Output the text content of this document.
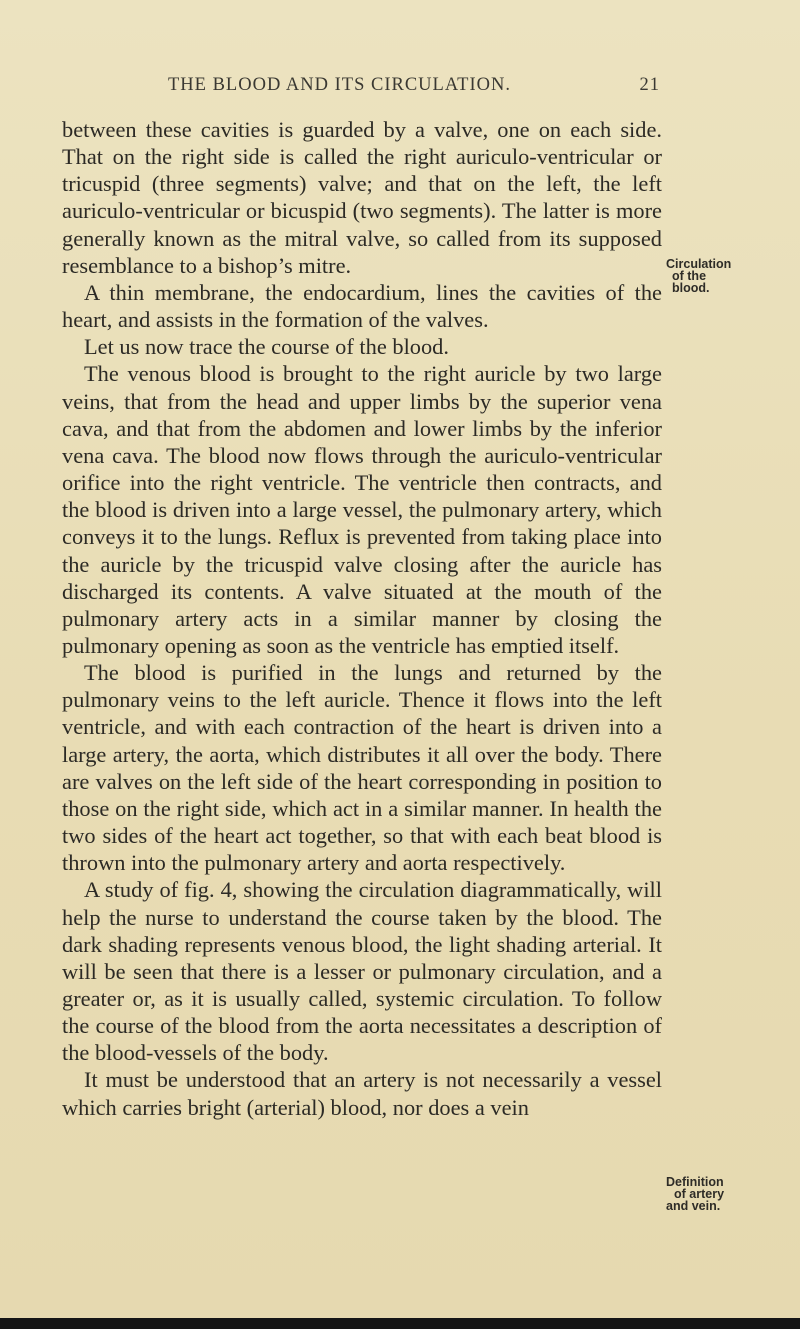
THE BLOOD AND ITS CIRCULATION.	21

between these cavities is guarded by a valve, one on each side. That on the right side is called the right auriculo-ventricular or tricuspid (three segments) valve; and that on the left, the left auriculo-ventricular or bicuspid (two segments). The latter is more generally known as the mitral valve, so called from its supposed resemblance to a bishop’s mitre.

A thin membrane, the endocardium, lines the cavities of the heart, and assists in the formation of the valves.

Let us now trace the course of the blood.

The venous blood is brought to the right auricle by two large veins, that from the head and upper limbs by the superior vena cava, and that from the abdomen and lower limbs by the inferior vena cava. The blood now flows through the auriculo-ventricular orifice into the right ventricle. The ventricle then contracts, and the blood is driven into a large vessel, the pulmonary artery, which conveys it to the lungs. Reflux is prevented from taking place into the auricle by the tricuspid valve closing after the auricle has discharged its contents. A valve situated at the mouth of the pulmonary artery acts in a similar manner by closing the pulmonary opening as soon as the ventricle has emptied itself.

The blood is purified in the lungs and returned by the pulmonary veins to the left auricle. Thence it flows into the left ventricle, and with each contraction of the heart is driven into a large artery, the aorta, which distributes it all over the body. There are valves on the left side of the heart corresponding in position to those on the right side, which act in a similar manner. In health the two sides of the heart act together, so that with each beat blood is thrown into the pulmonary artery and aorta respectively.

A study of fig. 4, showing the circulation diagrammatically, will help the nurse to understand the course taken by the blood. The dark shading represents venous blood, the light shading arterial. It will be seen that there is a lesser or pulmonary circulation, and a greater or, as it is usually called, systemic circulation. To follow the course of the blood from the aorta necessitates a description of the blood-vessels of the body.

It must be understood that an artery is not necessarily a vessel which carries bright (arterial) blood, nor does a vein

Circulation
of the
blood.
Definition
of artery
and vein.
